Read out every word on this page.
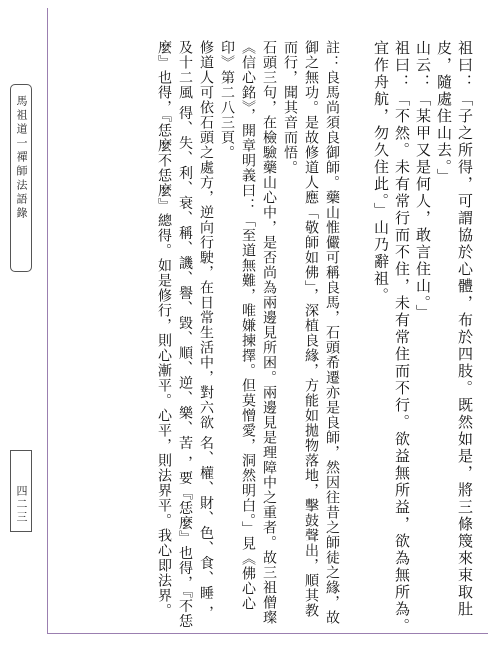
馬祖道一禪師法語錄
四二三	祖曰：「子之所得，可謂協於心體，布於四肢。既然如是，將三條篾來束取肚皮，隨處住山去。」

山云：「某甲又是何人，敢言住山。」

祖曰：「不然。未有常行而不住，未有常住而不行。欲益無所益，欲為無所為。宜作舟航，勿久住此。」山乃辭祖。

註：良馬尚須良御師。藥山惟儼可稱良馬，石頭希遷亦是良師，然因往昔之師徒之緣，故御之無功。是故修道人應「敬師如佛」，深植良緣，方能如拋物落地，擊鼓聲出，順其教而行，聞其音而悟。

石頭三句，在檢驗藥山心中，是否尚為兩邊見所困。兩邊見是理障中之重者。故三祖僧璨《信心銘》，開章明義曰：「至道無難，唯嫌揀擇。但莫憎愛，洞然明白。」見《佛心心印》第二八三頁。

修道人可依石頭之處方，逆向行駛，在日常生活中，對六欲 名、權、財、色、食、睡 ，及十二風 得、失、利、衰、稱、譏、譽、毀、順、逆、樂、苦 ，要『恁麼』也得，『不恁麼』也得，『恁麼不恁麼』總得。如是修行，則心漸平。心平，則法界平。我心即法界。
